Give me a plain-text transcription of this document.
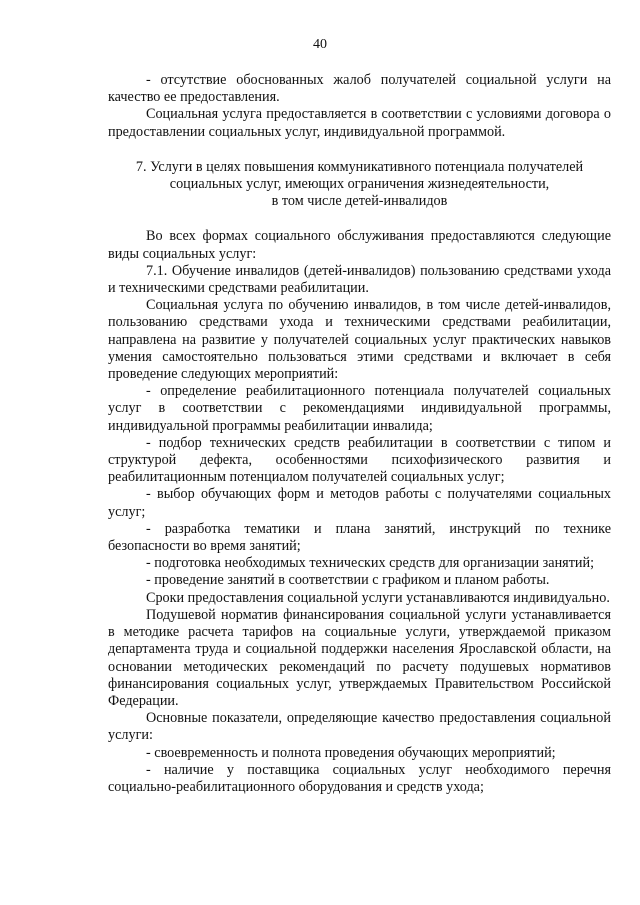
40

- отсутствие обоснованных жалоб получателей социальной услуги на качество ее предоставления.

Социальная услуга предоставляется в соответствии с условиями договора о предоставлении социальных услуг, индивидуальной программой.

7. Услуги в целях повышения коммуникативного потенциала получателей
социальных услуг, имеющих ограничения жизнедеятельности,
в том числе детей-инвалидов

Во всех формах социального обслуживания предоставляются следующие виды социальных услуг:

7.1. Обучение инвалидов (детей-инвалидов) пользованию средствами ухода и техническими средствами реабилитации.

Социальная услуга по обучению инвалидов, в том числе детей-инвалидов, пользованию средствами ухода и техническими средствами реабилитации, направлена на развитие у получателей социальных услуг практических навыков умения самостоятельно пользоваться этими средствами и включает в себя проведение следующих мероприятий:

- определение реабилитационного потенциала получателей социальных услуг в соответствии с рекомендациями индивидуальной программы, индивидуальной программы реабилитации инвалида;

- подбор технических средств реабилитации в соответствии с типом и структурой дефекта, особенностями психофизического развития и реабилитационным потенциалом получателей социальных услуг;

- выбор обучающих форм и методов работы с получателями социальных услуг;

- разработка тематики и плана занятий, инструкций по технике безопасности во время занятий;

- подготовка необходимых технических средств для организации занятий;

- проведение занятий в соответствии с графиком и планом работы.

Сроки предоставления социальной услуги устанавливаются индивидуально.

Подушевой норматив финансирования социальной услуги устанавливается в методике расчета тарифов на социальные услуги, утверждаемой приказом департамента труда и социальной поддержки населения Ярославской области, на основании методических рекомендаций по расчету подушевых нормативов финансирования социальных услуг, утверждаемых Правительством Российской Федерации.

Основные показатели, определяющие качество предоставления социальной услуги:

- своевременность и полнота проведения обучающих мероприятий;

- наличие у поставщика социальных услуг необходимого перечня социально-реабилитационного оборудования и средств ухода;
